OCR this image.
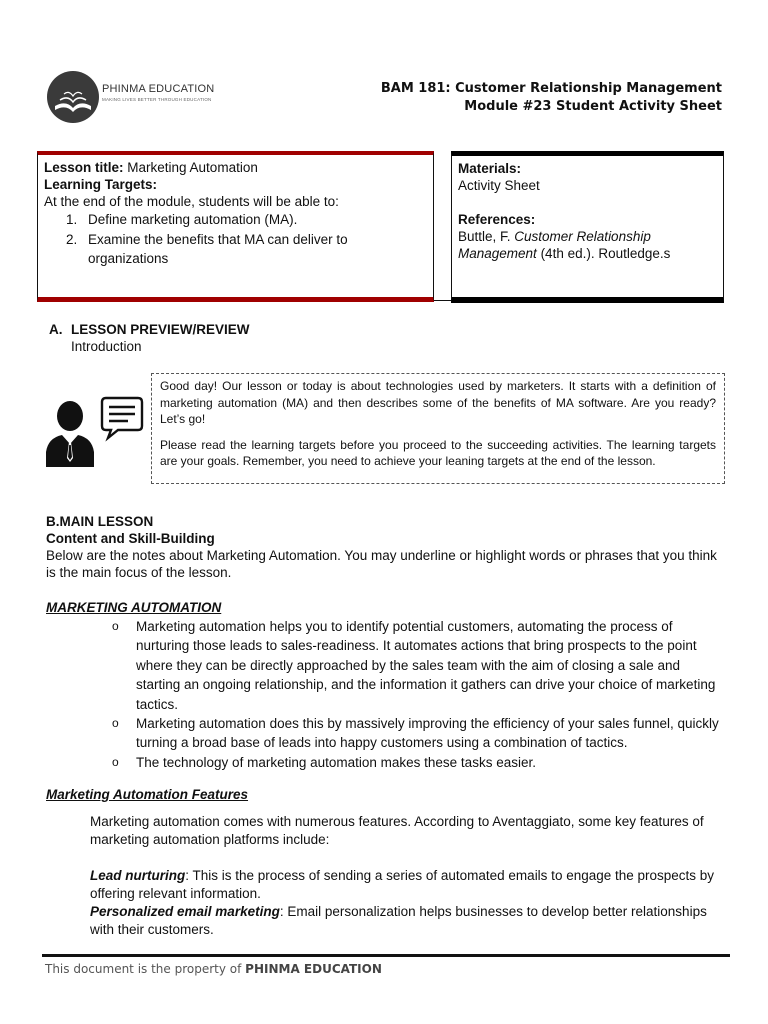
PHINMA EDUCATION
MAKING LIVES BETTER THROUGH EDUCATION
BAM 181: Customer Relationship Management
Module #23 Student Activity Sheet

Lesson title: Marketing Automation

Learning Targets:

At the end of the module, students will be able to:

1. Define marketing automation (MA).
2. Examine the benefits that MA can deliver to organizations

Materials:

Activity Sheet

References:

Buttle, F. Customer Relationship Management (4th ed.). Routledge.s

A. LESSON PREVIEW/REVIEW
Introduction

Good day! Our lesson or today is about technologies used by marketers. It starts with a definition of marketing automation (MA) and then describes some of the benefits of MA software. Are you ready? Let’s go!

Please read the learning targets before you proceed to the succeeding activities. The learning targets are your goals. Remember, you need to achieve your leaning targets at the end of the lesson.

B.MAIN LESSON
Content and Skill-Building
Below are the notes about Marketing Automation. You may underline or highlight words or phrases that you think is the main focus of the lesson.
MARKETING AUTOMATION
o	Marketing automation helps you to identify potential customers, automating the process of nurturing those leads to sales-readiness. It automates actions that bring prospects to the point where they can be directly approached by the sales team with the aim of closing a sale and starting an ongoing relationship, and the information it gathers can drive your choice of marketing tactics.
o	Marketing automation does this by massively improving the efficiency of your sales funnel, quickly turning a broad base of leads into happy customers using a combination of tactics.
o	The technology of marketing automation makes these tasks easier.
Marketing Automation Features

Marketing automation comes with numerous features. According to Aventaggiato, some key features of marketing automation platforms include:

Lead nurturing: This is the process of sending a series of automated emails to engage the prospects by offering relevant information.

Personalized email marketing: Email personalization helps businesses to develop better relationships with their customers.

This document is the property of PHINMA EDUCATION
